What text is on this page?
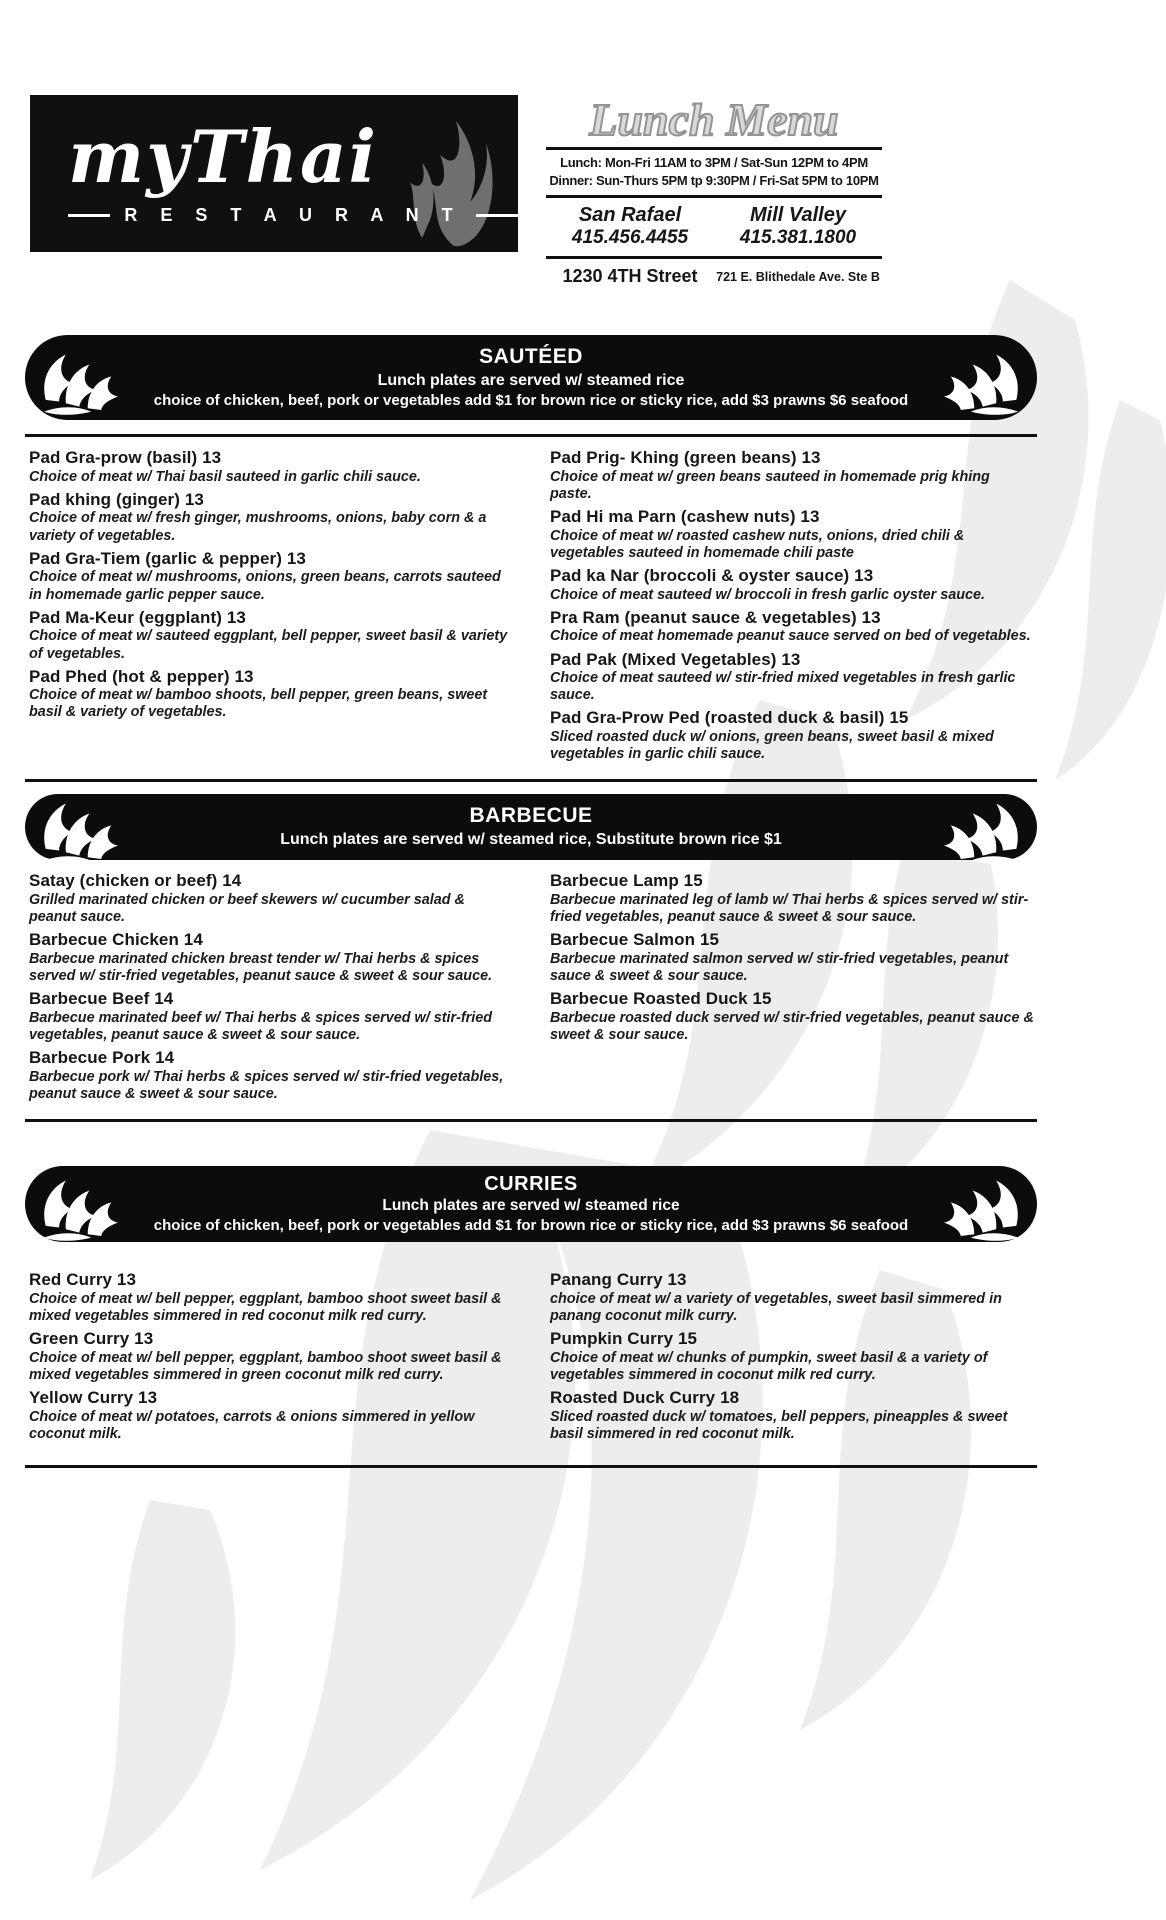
myThai
R E S T A U R A N T
Lunch Menu
Lunch: Mon-Fri 11AM to 3PM / Sat-Sun 12PM to 4PM
Dinner: Sun-Thurs 5PM tp 9:30PM / Fri-Sat 5PM to 10PM
San Rafael
415.456.4455
Mill Valley
415.381.1800
1230 4TH Street	721 E. Blithedale Ave. Ste B
SAUTÉED
Lunch plates are served w/ steamed rice
choice of chicken, beef, pork or vegetables add $1 for brown rice or sticky rice, add $3 prawns $6 seafood
Pad Gra-prow (basil) 13
Choice of meat w/ Thai basil sauteed in garlic chili sauce.
Pad khing (ginger) 13
Choice of meat w/ fresh ginger, mushrooms, onions, baby corn & a variety of vegetables.
Pad Gra-Tiem (garlic & pepper) 13
Choice of meat w/ mushrooms, onions, green beans, carrots sauteed in homemade garlic pepper sauce.
Pad Ma-Keur (eggplant) 13
Choice of meat w/ sauteed eggplant, bell pepper, sweet basil & variety of vegetables.
Pad Phed (hot & pepper) 13
Choice of meat w/ bamboo shoots, bell pepper, green beans, sweet basil & variety of vegetables.
Pad Prig- Khing (green beans) 13
Choice of meat w/ green beans sauteed in homemade prig khing paste.
Pad Hi ma Parn (cashew nuts) 13
Choice of meat w/ roasted cashew nuts, onions, dried chili & vegetables sauteed in homemade chili paste
Pad ka Nar (broccoli & oyster sauce) 13
Choice of meat sauteed w/ broccoli in fresh garlic oyster sauce.
Pra Ram (peanut sauce & vegetables) 13
Choice of meat homemade peanut sauce served on bed of vegetables.
Pad Pak (Mixed Vegetables) 13
Choice of meat sauteed w/ stir-fried mixed vegetables in fresh garlic sauce.
Pad Gra-Prow Ped (roasted duck & basil) 15
Sliced roasted duck w/ onions, green beans, sweet basil & mixed vegetables in garlic chili sauce.
BARBECUE
Lunch plates are served w/ steamed rice, Substitute brown rice $1
Satay (chicken or beef) 14
Grilled marinated chicken or beef skewers w/ cucumber salad & peanut sauce.
Barbecue Chicken 14
Barbecue marinated chicken breast tender w/ Thai herbs & spices served w/ stir-fried vegetables, peanut sauce & sweet & sour sauce.
Barbecue Beef 14
Barbecue marinated beef w/ Thai herbs & spices served w/ stir-fried vegetables, peanut sauce & sweet & sour sauce.
Barbecue Pork 14
Barbecue pork w/ Thai herbs & spices served w/ stir-fried vegetables, peanut sauce & sweet & sour sauce.
Barbecue Lamp 15
Barbecue marinated leg of lamb w/ Thai herbs & spices served w/ stir-fried vegetables, peanut sauce & sweet & sour sauce.
Barbecue Salmon 15
Barbecue marinated salmon served w/ stir-fried vegetables, peanut sauce & sweet & sour sauce.
Barbecue Roasted Duck 15
Barbecue roasted duck served w/ stir-fried vegetables, peanut sauce & sweet & sour sauce.
CURRIES
Lunch plates are served w/ steamed rice
choice of chicken, beef, pork or vegetables add $1 for brown rice or sticky rice, add $3 prawns $6 seafood
Red Curry 13
Choice of meat w/ bell pepper, eggplant, bamboo shoot sweet basil & mixed vegetables simmered in red coconut milk red curry.
Green Curry 13
Choice of meat w/ bell pepper, eggplant, bamboo shoot sweet basil & mixed vegetables simmered in green coconut milk red curry.
Yellow Curry 13
Choice of meat w/ potatoes, carrots & onions simmered in yellow coconut milk.
Panang Curry 13
choice of meat w/ a variety of vegetables, sweet basil simmered in panang coconut milk curry.
Pumpkin Curry 15
Choice of meat w/ chunks of pumpkin, sweet basil & a variety of vegetables simmered in coconut milk red curry.
Roasted Duck Curry 18
Sliced roasted duck w/ tomatoes, bell peppers, pineapples & sweet basil simmered in red coconut milk.
